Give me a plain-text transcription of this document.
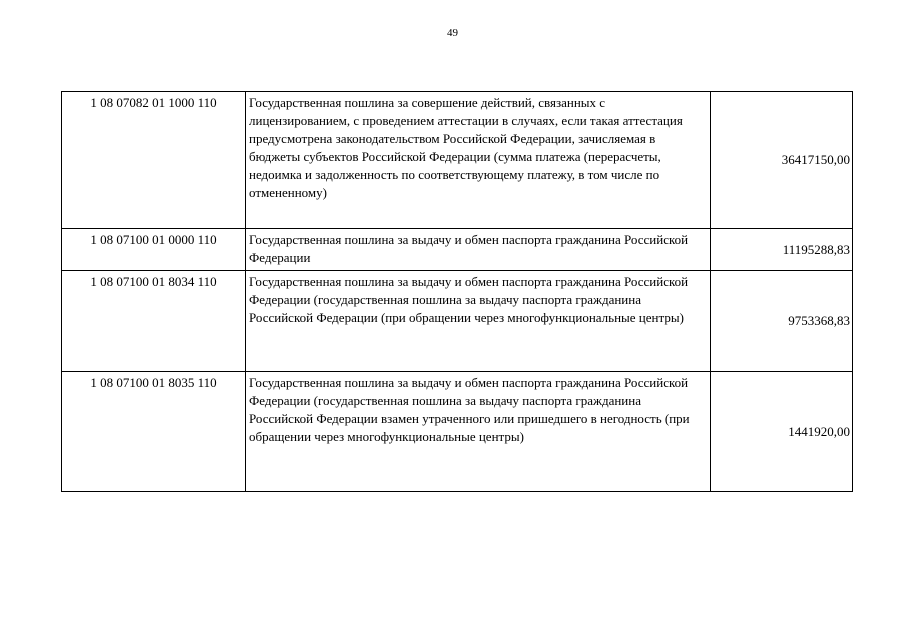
49
1 08 07082 01 1000 110	Государственная пошлина за совершение действий, связанных с лицензированием, с проведением аттестации в случаях, если такая аттестация предусмотрена законодательством Российской Федерации, зачисляемая в бюджеты субъектов Российской Федерации (сумма платежа (перерасчеты, недоимка и задолженность по соответствующему платежу, в том числе по отмененному)	36417150,00
1 08 07100 01 0000 110	Государственная пошлина за выдачу и обмен паспорта гражданина Российской Федерации	11195288,83
1 08 07100 01 8034 110	Государственная пошлина за выдачу и обмен паспорта гражданина Российской Федерации (государственная пошлина за выдачу паспорта гражданина Российской Федерации (при обращении через многофункциональные центры)	9753368,83
1 08 07100 01 8035 110	Государственная пошлина за выдачу и обмен паспорта гражданина Российской Федерации (государственная пошлина за выдачу паспорта гражданина Российской Федерации взамен утраченного или пришедшего в негодность (при обращении через многофункциональные центры)	1441920,00
